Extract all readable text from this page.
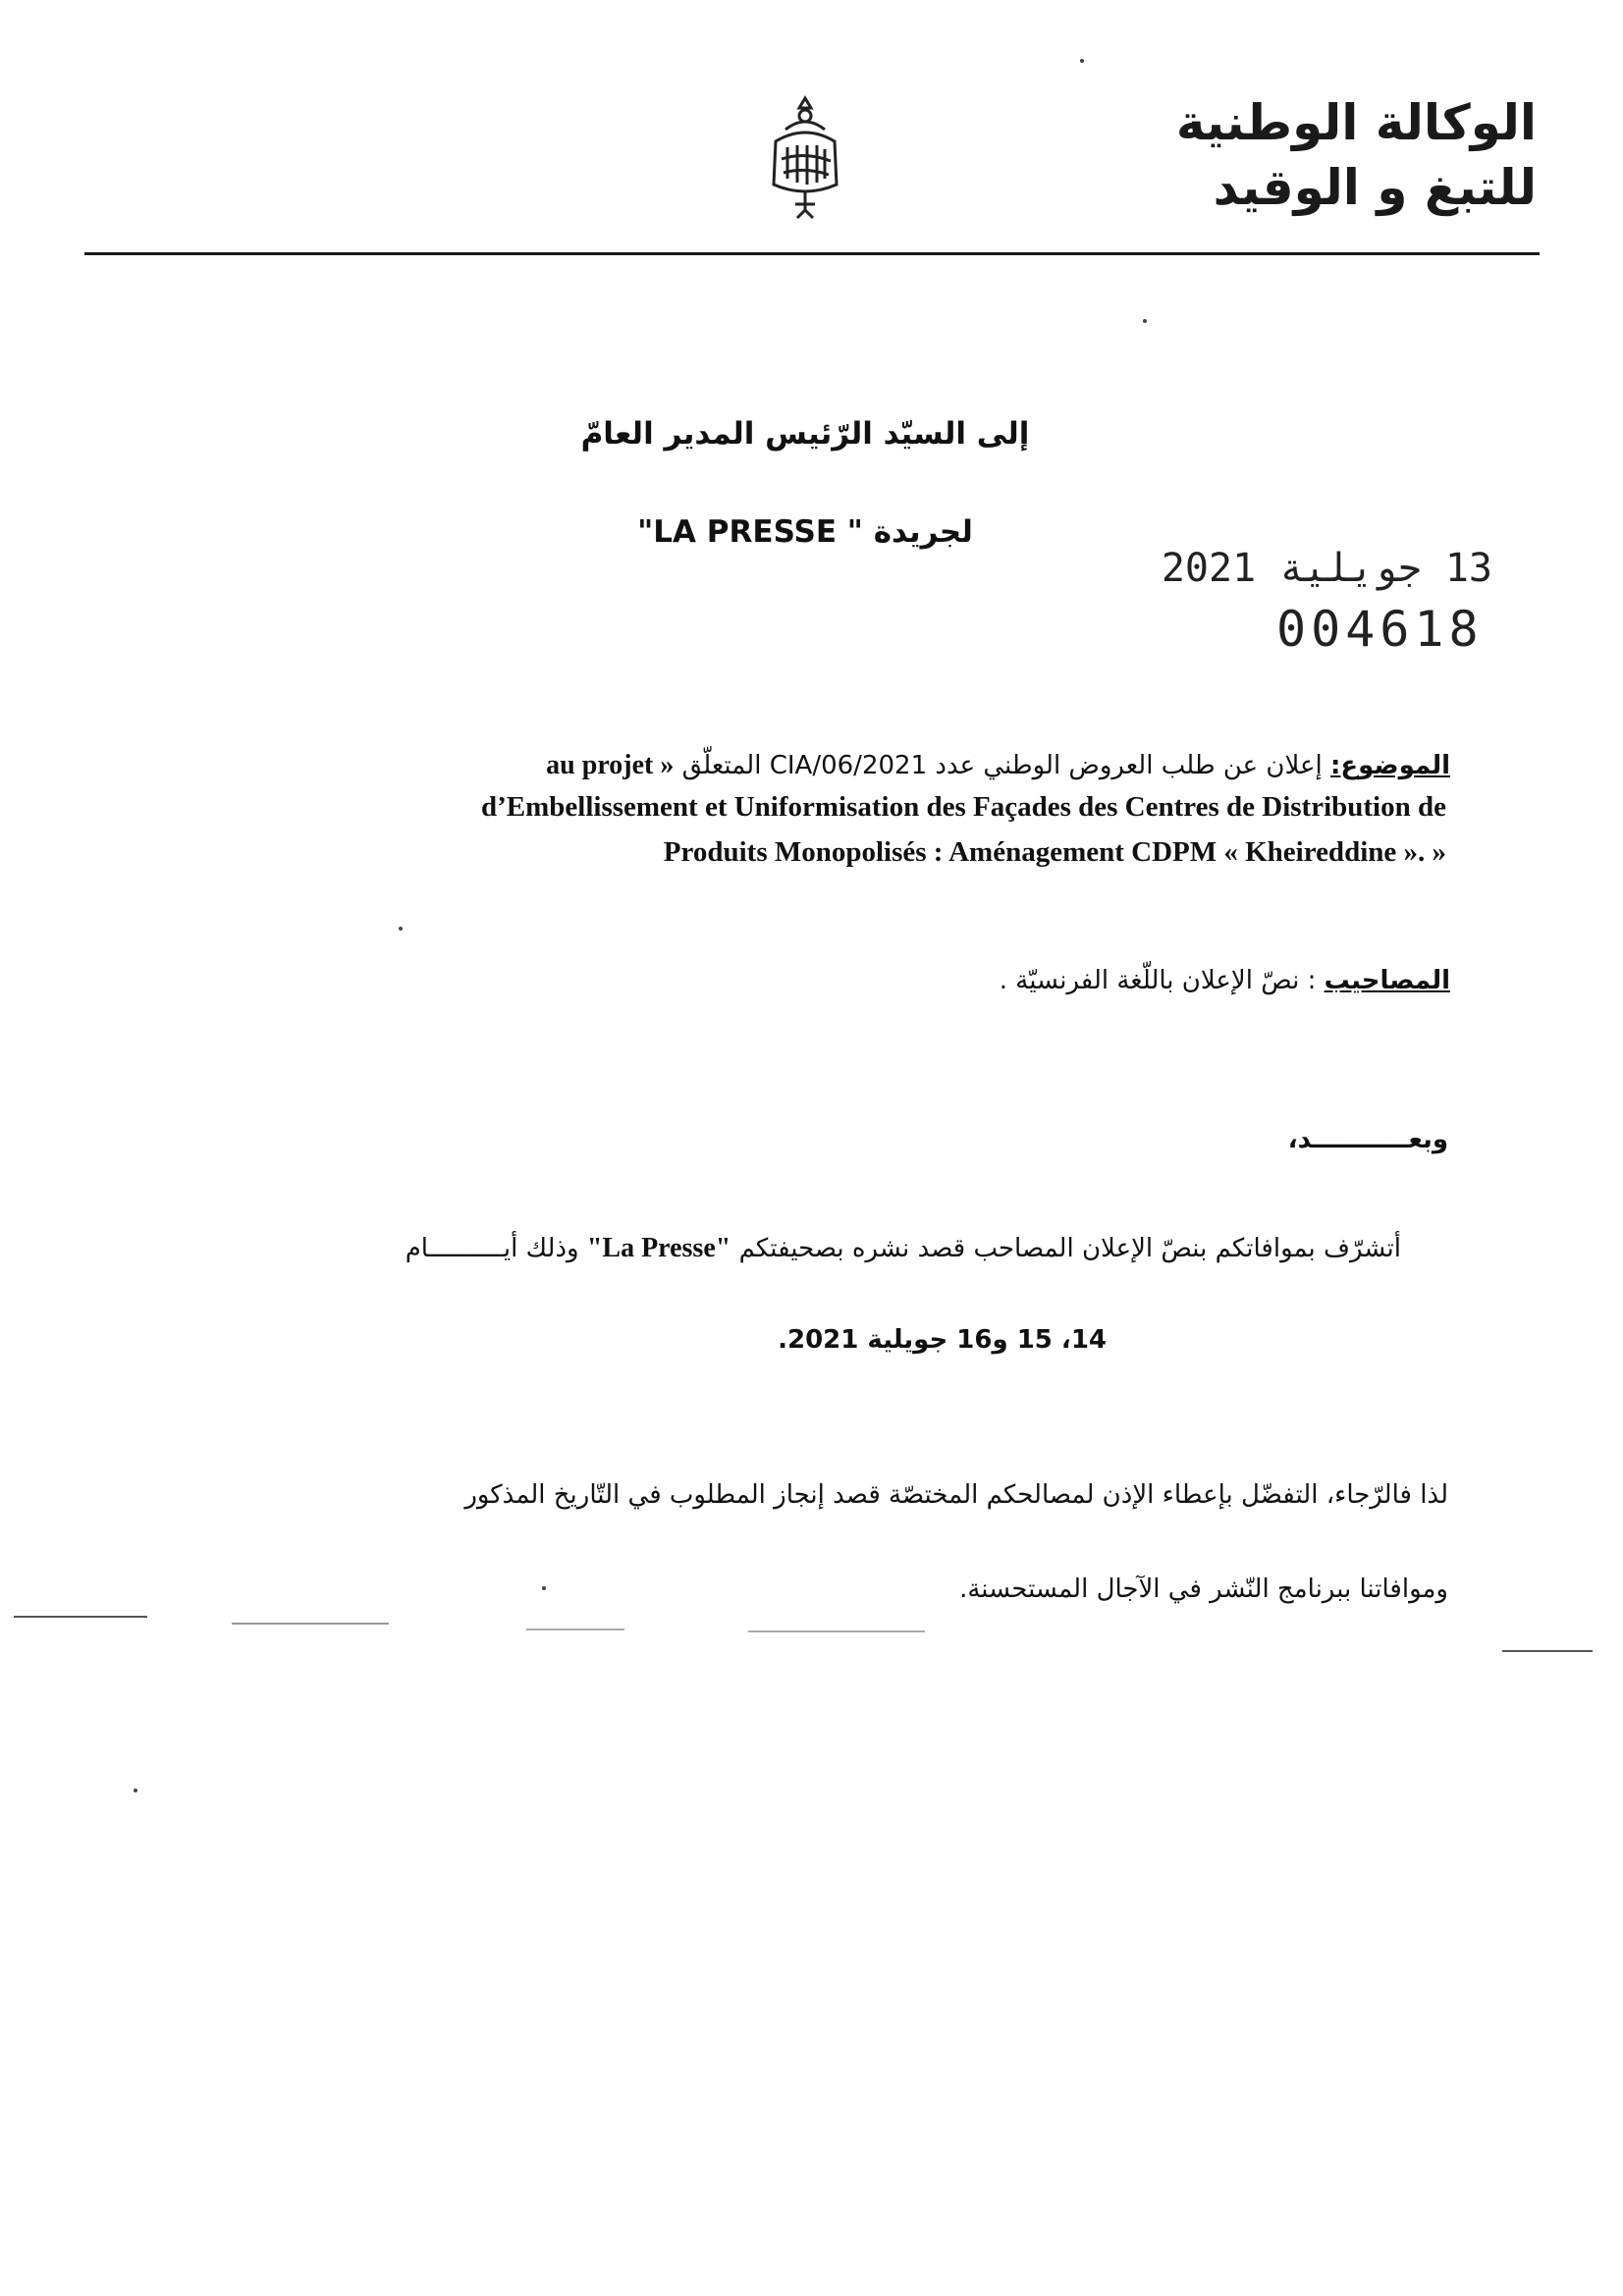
الوكالة الوطنية
للتبغ و الوقيد
إلى السيّد الرّئيس المدير العامّ
لجريدة " LA PRESSE"
13 جويلية 2021
004618
الموضوع: إعلان عن طلب العروض الوطني عدد 2021/CIA/06 المتعلّق « au projet
d’Embellissement et Uniformisation des Façades des Centres de Distribution de
Produits Monopolisés : Aménagement CDPM « Kheireddine ». »
المصاحيب : نصّ الإعلان باللّغة الفرنسيّة .
وبعـــــــــــد،
أتشرّف بموافاتكم بنصّ الإعلان المصاحب قصد نشره بصحيفتكم "La Presse" وذلك أيــــــــــام
14، 15 و16 جويلية 2021.
لذا فالرّجاء، التفضّل بإعطاء الإذن لمصالحكم المختصّة قصد إنجاز المطلوب في التّاريخ المذكور
وموافاتنا ببرنامج النّشر في الآجال المستحسنة.
